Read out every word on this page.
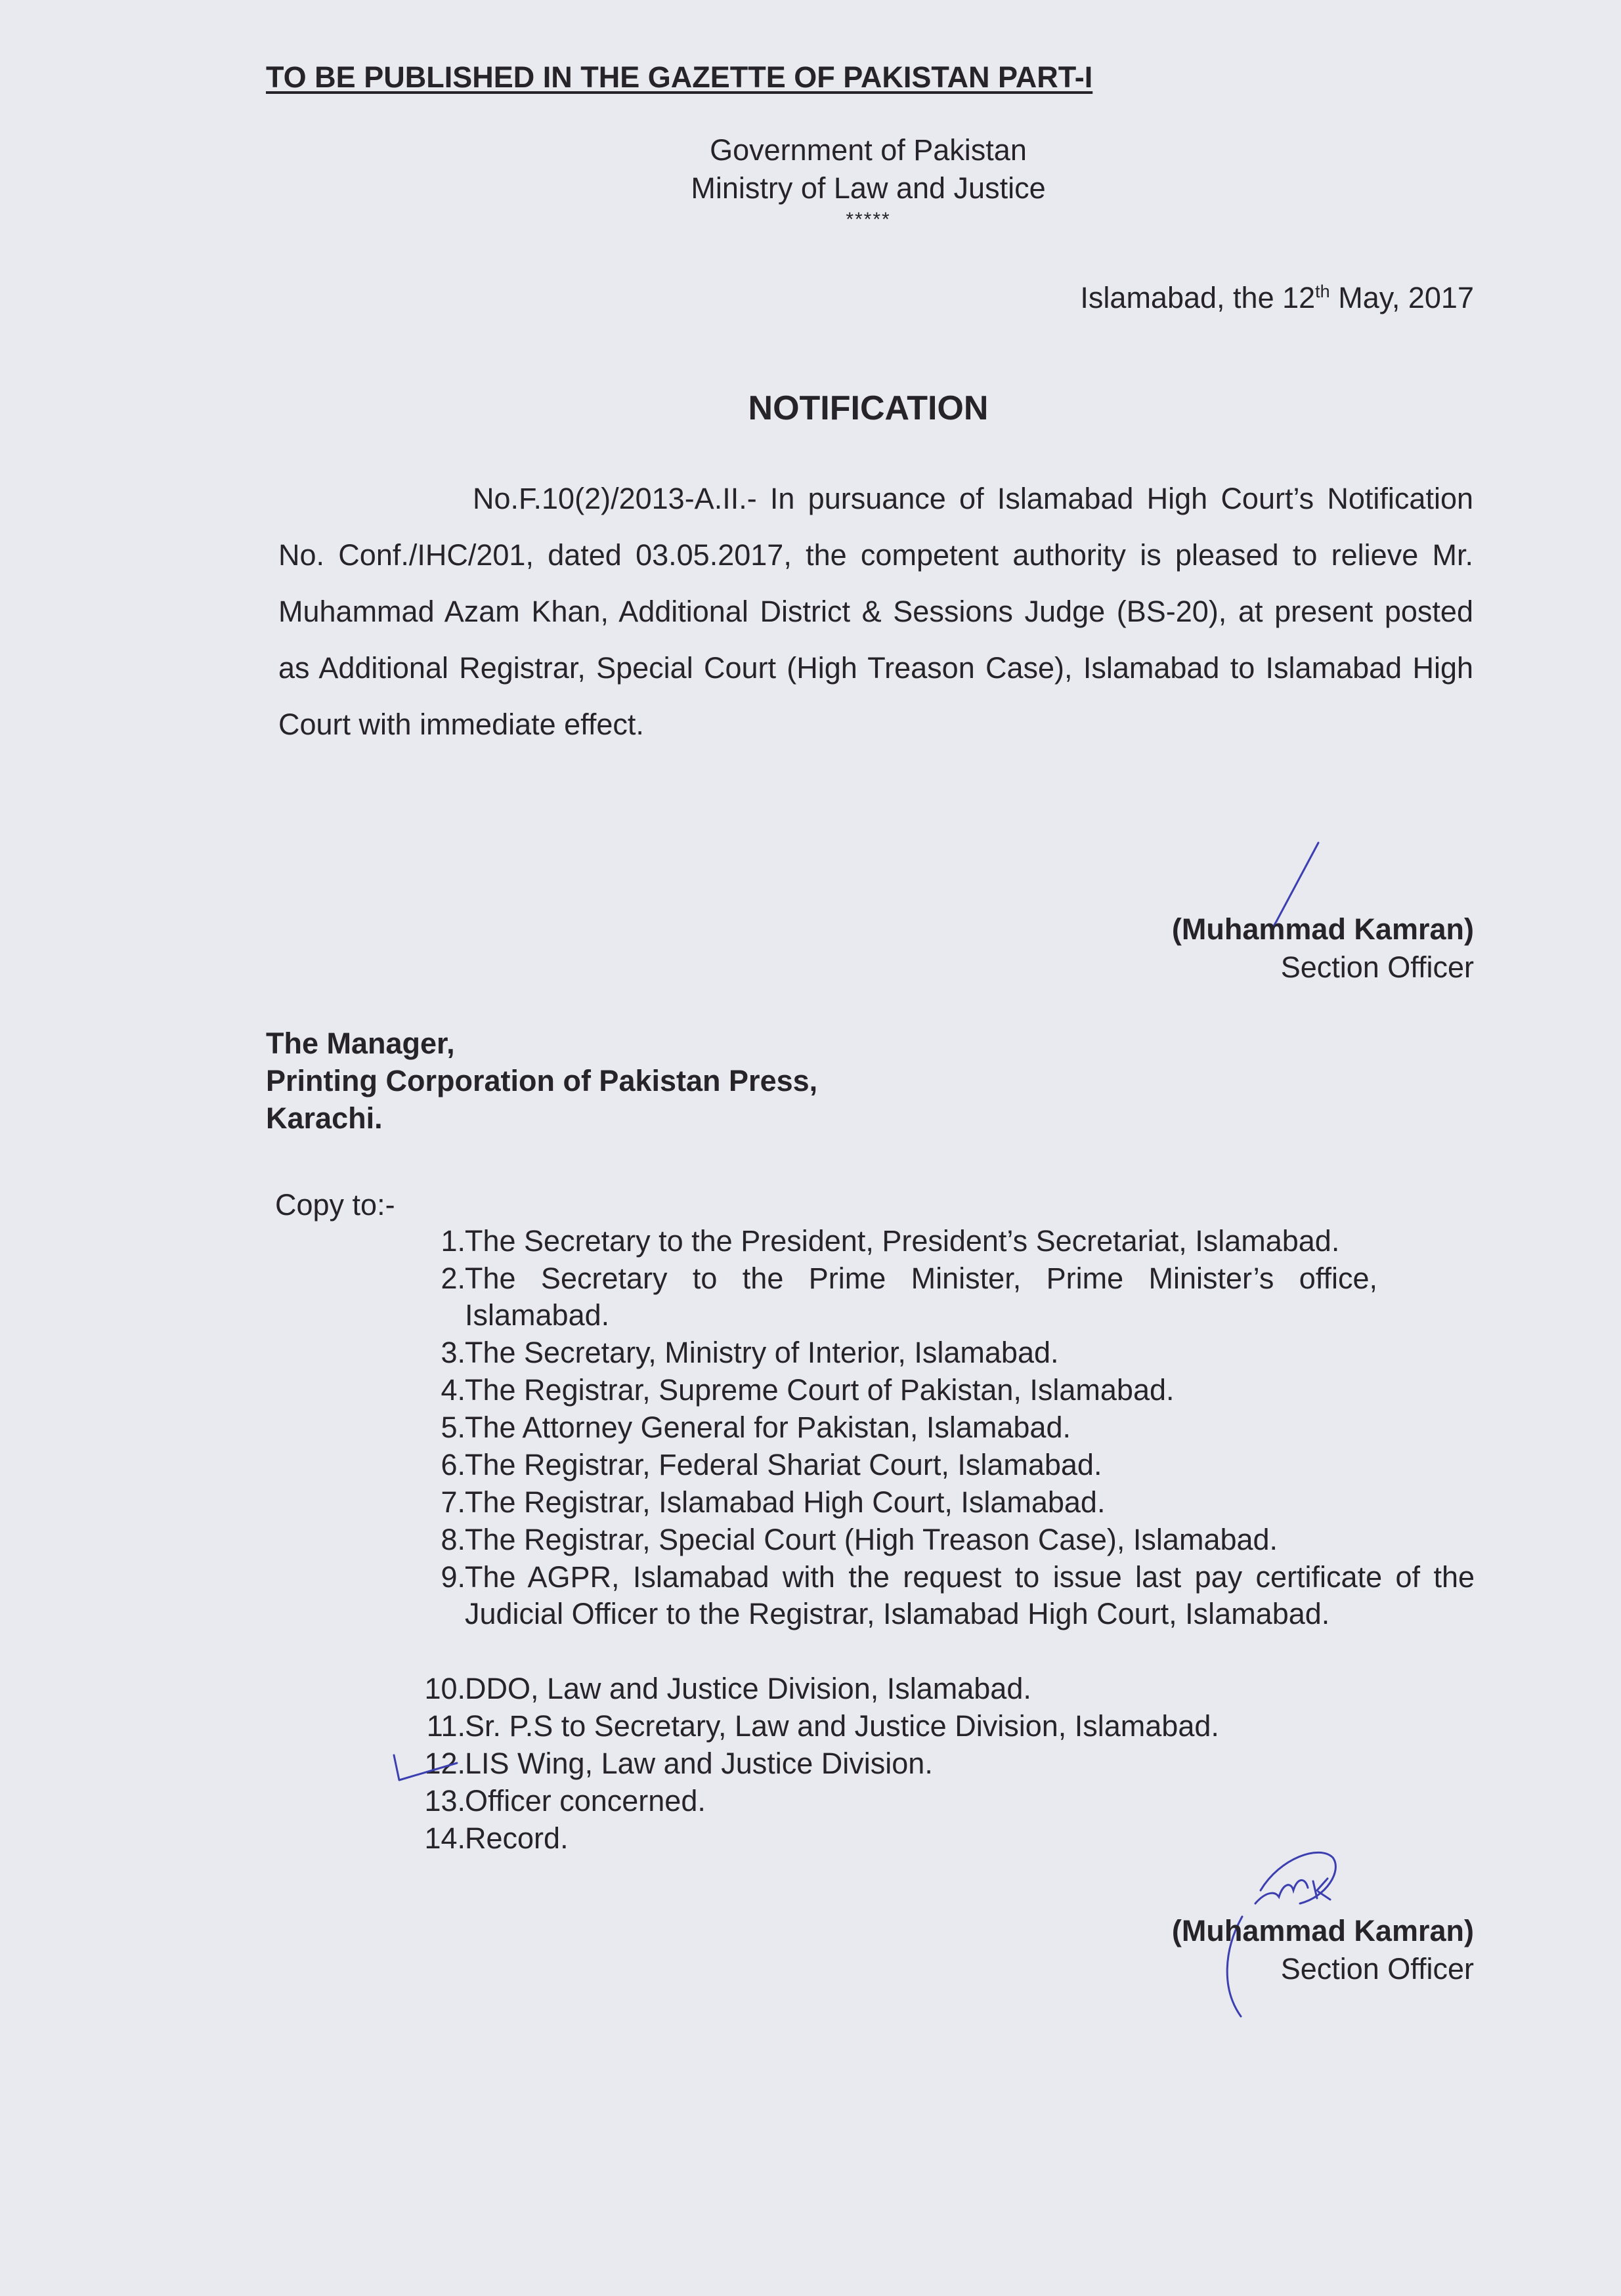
TO BE PUBLISHED IN THE GAZETTE OF PAKISTAN PART-I
Government of Pakistan
Ministry of Law and Justice
*****
Islamabad, the 12th May, 2017
NOTIFICATION
No.F.10(2)/2013-A.II.- In pursuance of Islamabad High Court’s Notification No. Conf./IHC/201, dated 03.05.2017, the competent authority is pleased to relieve Mr. Muhammad Azam Khan, Additional District & Sessions Judge (BS-20), at present posted as Additional Registrar, Special Court (High Treason Case), Islamabad to Islamabad High Court with immediate effect.
(Muhammad Kamran)
Section Officer
The Manager,
Printing Corporation of Pakistan Press,
Karachi.
Copy to:-
1. The Secretary to the President, President’s Secretariat, Islamabad.
2. The Secretary to the Prime Minister, Prime Minister’s office, Islamabad.
3. The Secretary, Ministry of Interior, Islamabad.
4. The Registrar, Supreme Court of Pakistan, Islamabad.
5. The Attorney General for Pakistan, Islamabad.
6. The Registrar, Federal Shariat Court, Islamabad.
7. The Registrar, Islamabad High Court, Islamabad.
8. The Registrar, Special Court (High Treason Case), Islamabad.
9. The AGPR, Islamabad with the request to issue last pay certificate of the Judicial Officer to the Registrar, Islamabad High Court, Islamabad.
10. DDO, Law and Justice Division, Islamabad.
11. Sr. P.S to Secretary, Law and Justice Division, Islamabad.
12. LIS Wing, Law and Justice Division.
13. Officer concerned.
14. Record.
(Muhammad Kamran)
Section Officer
